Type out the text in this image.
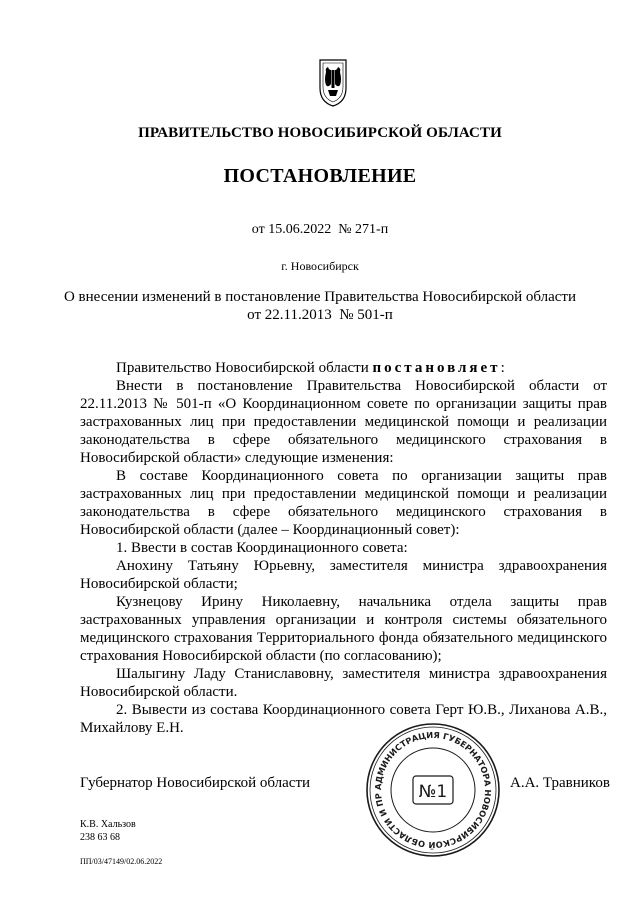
ПРАВИТЕЛЬСТВО НОВОСИБИРСКОЙ ОБЛАСТИ
ПОСТАНОВЛЕНИЕ
от 15.06.2022  № 271-п
г. Новосибирск
О внесении изменений в постановление Правительства Новосибирской области
от 22.11.2013  № 501-п

Правительство Новосибирской области постановляет:

Внести в постановление Правительства Новосибирской области от 22.11.2013 № 501-п «О Координационном совете по организации защиты прав застрахованных лиц при предоставлении медицинской помощи и реализации законодательства в сфере обязательного медицинского страхования в Новосибирской области» следующие изменения:

В составе Координационного совета по организации защиты прав застрахованных лиц при предоставлении медицинской помощи и реализации законодательства в сфере обязательного медицинского страхования в Новосибирской области (далее – Координационный совет):

1. Ввести в состав Координационного совета:

Анохину Татьяну Юрьевну, заместителя министра здравоохранения Новосибирской области;

Кузнецову Ирину Николаевну, начальника отдела защиты прав застрахованных управления организации и контроля системы обязательного медицинского страхования Территориального фонда обязательного медицинского страхования Новосибирской области (по согласованию);

Шалыгину Ладу Станиславовну, заместителя министра здравоохранения Новосибирской области.

2. Вывести из состава Координационного совета Герт Ю.В., Лиханова А.В., Михайлову Е.Н.

АДМИНИСТРАЦИЯ ГУБЕРНАТОРА НОВОСИБИРСКОЙ ОБЛАСТИ И ПР	№1
Губернатор Новосибирской области	А.А. Травников
К.В. Хальзов
238 63 68
ПП/03/47149/02.06.2022
